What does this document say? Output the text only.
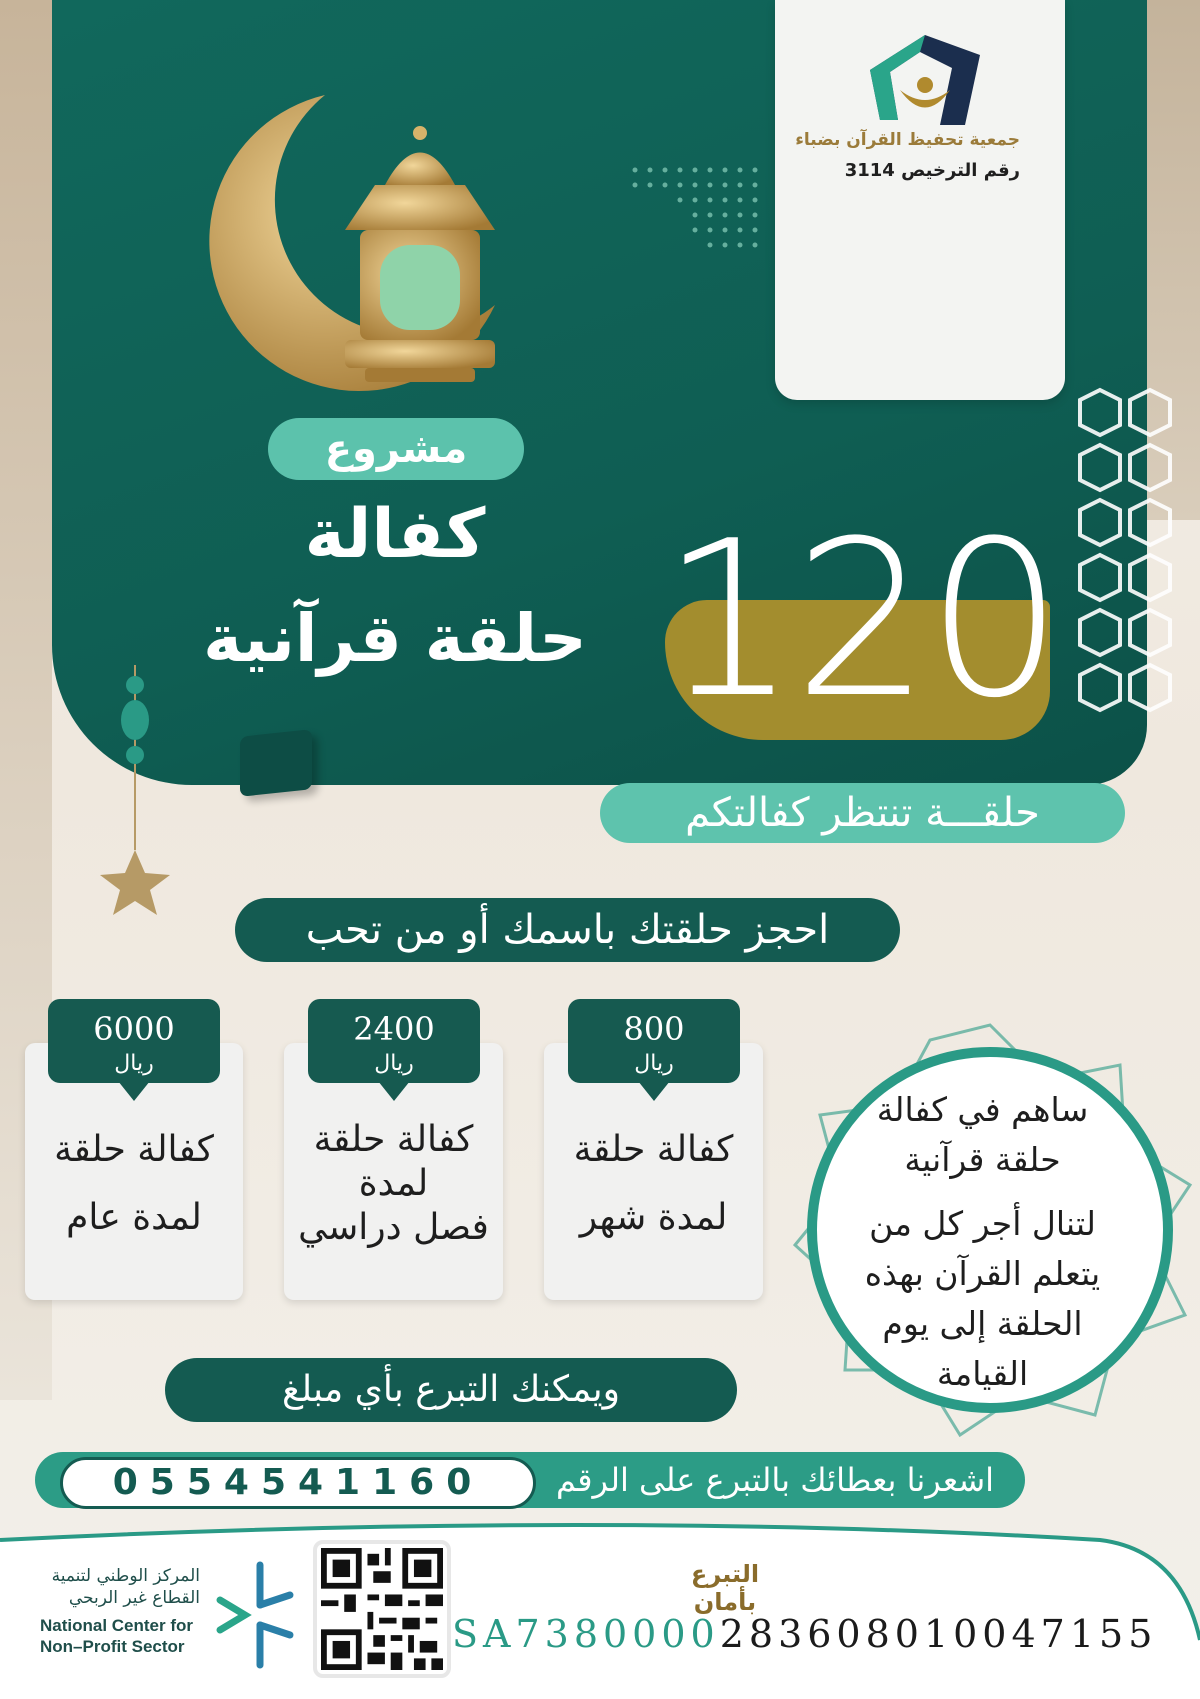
جمعية تحفيظ القرآن بضباء
رقم الترخيص 3114
مشروع
كفالة
حلقة قرآنية 120
حلقـــة تنتظر كفالتكم
احجز حلقتك باسمك أو من تحب
6000
ريال
كفالة حلقة
لمدة عام
2400
ريال
كفالة حلقة
لمدة
فصل دراسي
800
ريال
كفالة حلقة
لمدة شهر
ساهم في كفالة
حلقة قرآنية
لتنال أجر كل من
يتعلم القرآن بهذه
الحلقة إلى يوم
القيامة
ويمكنك التبرع بأي مبلغ
0554541160	اشعرنا بعطائك بالتبرع على الرقم
المركز الوطني لتنمية
القطاع غير الربحي
National Center for
Non–Profit Sector
التبرع بأمان
SA7380000283608010047155
